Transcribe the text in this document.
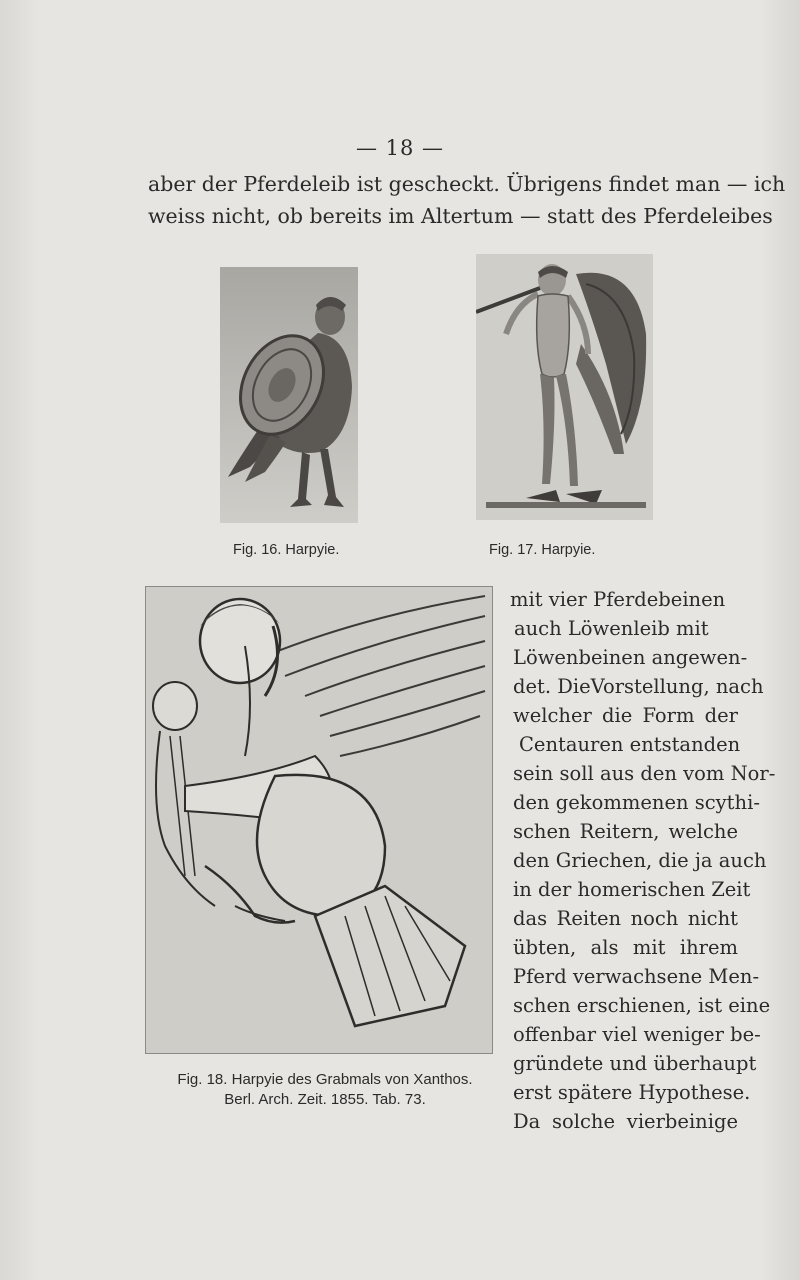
— 18 —
aber der Pferdeleib ist gescheckt. Übrigens findet man — ich
weiss nicht, ob bereits im Altertum — statt des Pferdeleibes
Fig. 16. Harpyie.	Fig. 17. Harpyie.
Fig. 18. Harpyie des Grabmals von Xanthos.
Berl. Arch. Zeit. 1855. Tab. 73.
mit vier Pferdebeinen
auch Löwenleib mit
Löwenbeinen angewen-
det. DieVorstellung, nach
welcher die Form der
Centauren entstanden
sein soll aus den vom Nor-
den gekommenen scythi-
schen Reitern, welche
den Griechen, die ja auch
in der homerischen Zeit
das Reiten noch nicht
übten, als mit ihrem
Pferd verwachsene Men-
schen erschienen, ist eine
offenbar viel weniger be-
gründete und überhaupt
erst spätere Hypothese.
Da solche vierbeinige
